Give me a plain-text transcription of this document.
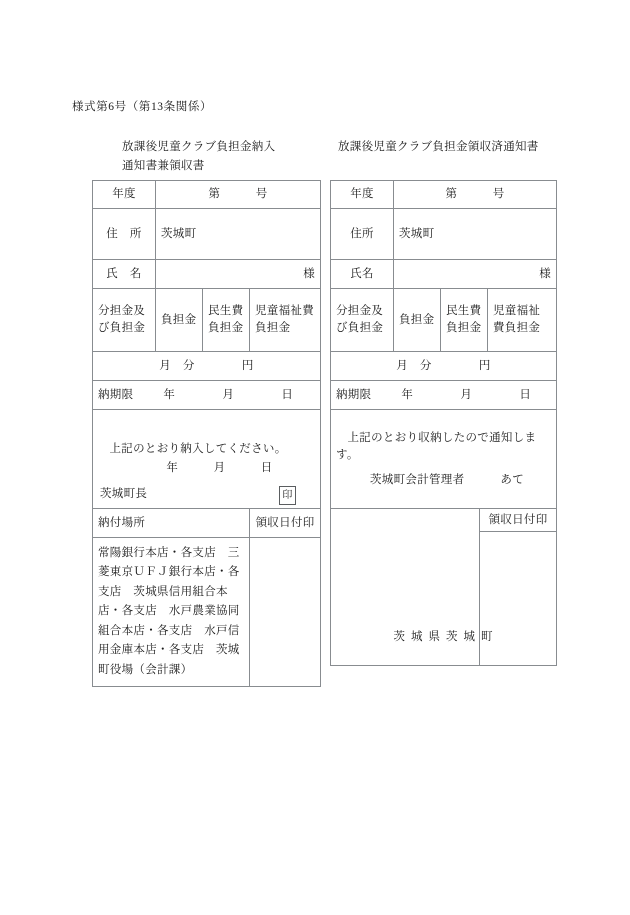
様式第6号（第13条関係）
放課後児童クラブ負担金納入
通知書兼領収書
放課後児童クラブ負担金領収済通知書
年度	第　　　号		
住　所	茨城町		

氏　名	様		
分担金及び負担金	負担金	民生費負担金	児童福祉費負担金
月　分　　　　円			
納期限 年　　　　月　　　　日			

上記のとおり納入してください。
年　　　月　　　日
茨城町長 印			

納付場所			領収日付印
常陽銀行本店・各支店　三菱東京ＵＦＪ銀行本店・各支店　茨城県信用組合本店・各支店　水戸農業協同組合本店・各支店　水戸信用金庫本店・各支店　茨城町役場（会計課）			
年度	第　　　号		
住所	茨城町		

氏名	様		
分担金及び負担金	負担金	民生費負担金	児童福祉費負担金
月　分　　　　円			
納期限 年　　　　月　　　　日			

上記のとおり収納したので通知します。
茨城町会計管理者 あて			

領収日付印			
茨城県茨城町
